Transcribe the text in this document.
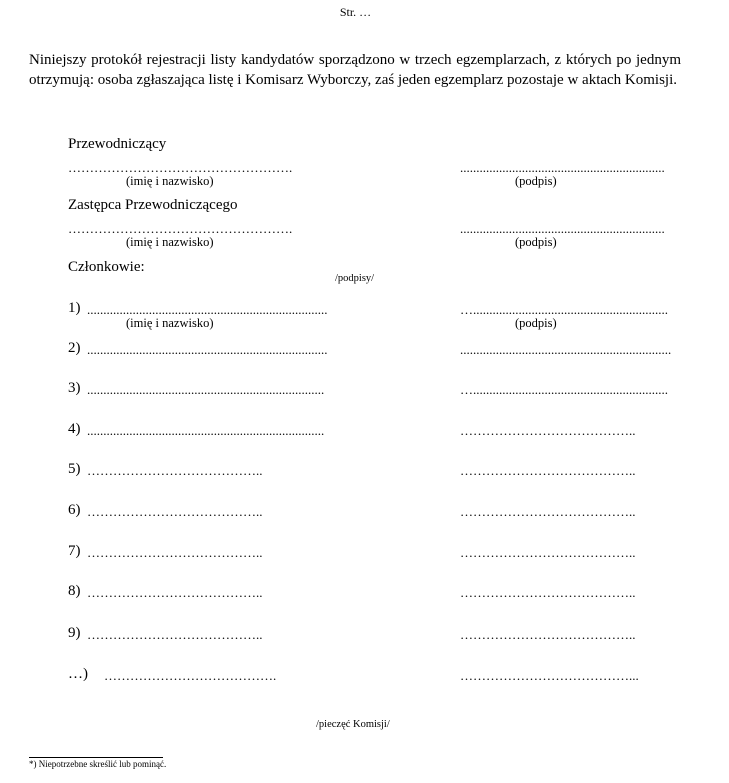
Str. …
Niniejszy protokół rejestracji listy kandydatów sporządzono w trzech egzemplarzach, z których po jednym otrzymują: osoba zgłaszająca listę i Komisarz Wyborczy, zaś jeden egzemplarz pozostaje w aktach Komisji.
Przewodniczący
…………………………………………….	...............................................................
(imię i nazwisko)	(podpis)
Zastępca Przewodniczącego
…………………………………………….	...............................................................
(imię i nazwisko)	(podpis)
Członkowie:
/podpisy/
1) ..........................................................................	…............................................................
(imię i nazwisko)	(podpis)
2) ..........................................................................	.................................................................
3) .........................................................................	…............................................................
4) .........................................................................	…………………………………..
5) …………………………………..	…………………………………..
6) …………………………………..	…………………………………..
7) …………………………………..	…………………………………..
8) …………………………………..	…………………………………..
9) …………………………………..	…………………………………..
…) ………………………………….	…………………………………...
/pieczęć Komisji/
*) Niepotrzebne skreślić lub pominąć.
